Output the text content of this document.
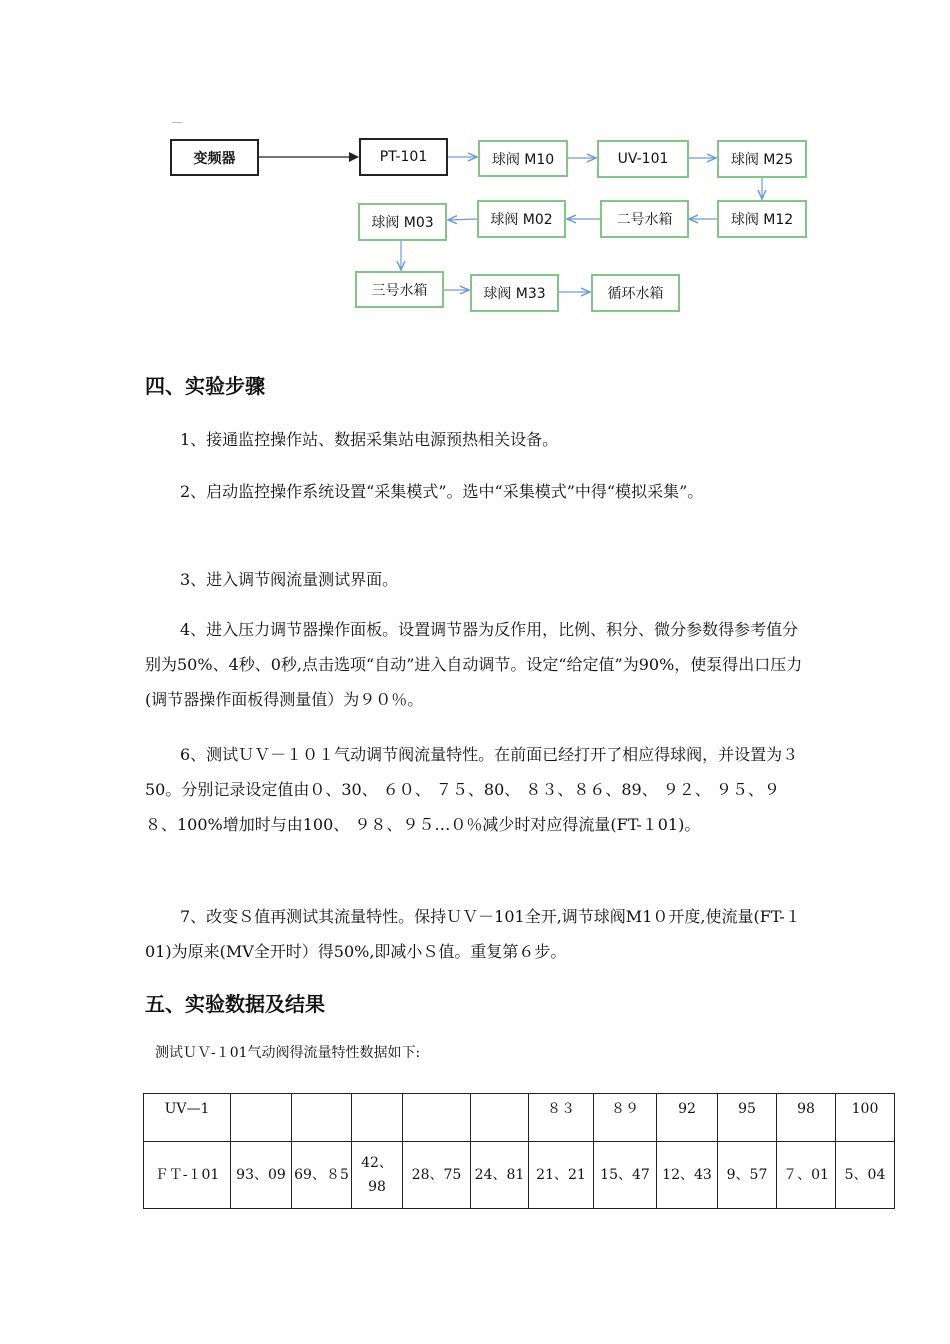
变频器	PT-101	球阀 M10	UV-101	球阀 M25
球阀 M12
二号水箱
球阀 M02
球阀 M03
三号水箱	球阀 M33	循环水箱
四、实验步骤

1、接通监控操作站、数据采集站电源预热相关设备。

2、启动监控操作系统设置“采集模式”。选中“采集模式”中得“模拟采集”。

3、进入调节阀流量测试界面。

4、进入压力调节器操作面板。设置调节器为反作用，比例、积分、微分参数得参考值分别为50%、4秒、0秒,点击选项“自动”进入自动调节。设定“给定值”为90%，使泵得出口压力(调节器操作面板得测量值）为９０％。

6、测试ＵＶ－１０１气动调节阀流量特性。在前面已经打开了相应得球阀，并设置为３50。分别记录设定值由０、30、 ６０、 ７５、80、 ８３、８６、89、 ９２、 ９５、９８、100%增加时与由100、 ９８、９５…０％减少时对应得流量(FT-１01)。

7、改变Ｓ值再测试其流量特性。保持ＵＶ－101全开,调节球阀M1０开度,使流量(FT-１01)为原来(MV全开时）得50%,即减小Ｓ值。重复第６步。

五、实验数据及结果

测试ＵＶ-１01气动阀得流量特性数据如下:

UV—1						８３	８９	92	95	98	100
ＦＴ-１01	93、09	69、８5	42、98	28、75	24、81	21、21	15、47	12、43	9、57	７、01	5、04
